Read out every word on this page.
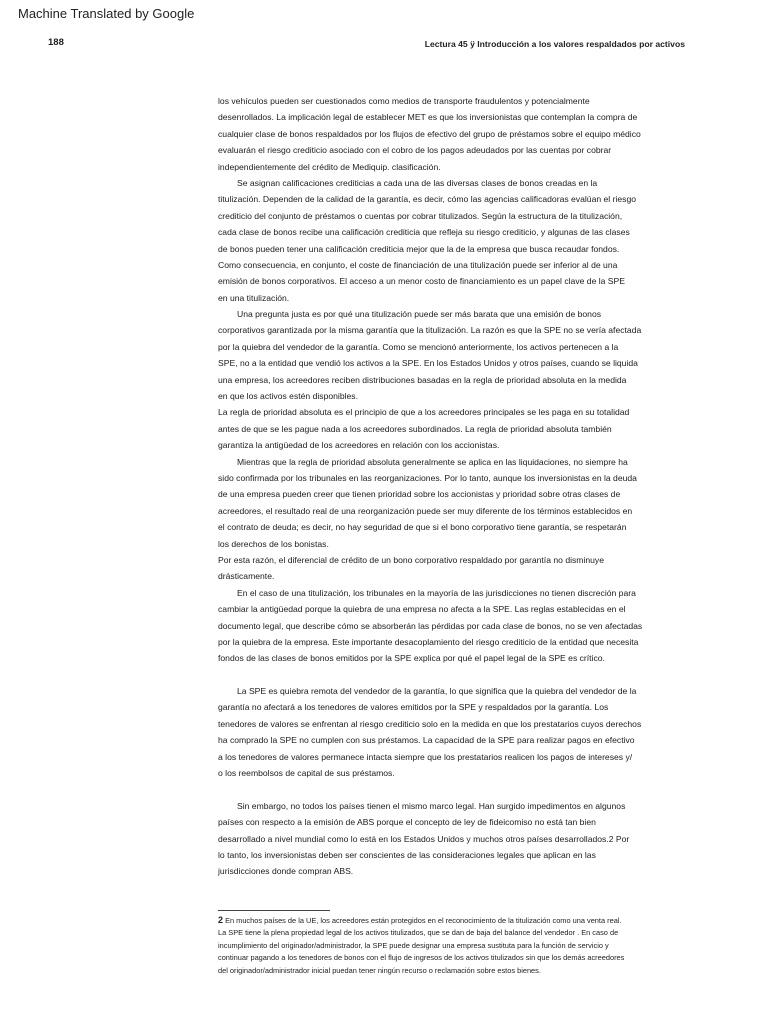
Machine Translated by Google
188	Lectura 45 ÿ Introducción a los valores respaldados por activos
los vehículos pueden ser cuestionados como medios de transporte fraudulentos y potencialmente
desenrollados. La implicación legal de establecer MET es que los inversionistas que contemplan la compra de
cualquier clase de bonos respaldados por los flujos de efectivo del grupo de préstamos sobre el equipo médico
evaluarán el riesgo crediticio asociado con el cobro de los pagos adeudados por las cuentas por cobrar
independientemente del crédito de Mediquip. clasificación.
Se asignan calificaciones crediticias a cada una de las diversas clases de bonos creadas en la
titulización. Dependen de la calidad de la garantía, es decir, cómo las agencias calificadoras evalúan el riesgo
crediticio del conjunto de préstamos o cuentas por cobrar titulizados. Según la estructura de la titulización,
cada clase de bonos recibe una calificación crediticia que refleja su riesgo crediticio, y algunas de las clases
de bonos pueden tener una calificación crediticia mejor que la de la empresa que busca recaudar fondos.
Como consecuencia, en conjunto, el coste de financiación de una titulización puede ser inferior al de una
emisión de bonos corporativos. El acceso a un menor costo de financiamiento es un papel clave de la SPE
en una titulización.
Una pregunta justa es por qué una titulización puede ser más barata que una emisión de bonos
corporativos garantizada por la misma garantía que la titulización. La razón es que la SPE no se vería afectada
por la quiebra del vendedor de la garantía. Como se mencionó anteriormente, los activos pertenecen a la
SPE, no a la entidad que vendió los activos a la SPE. En los Estados Unidos y otros países, cuando se liquida
una empresa, los acreedores reciben distribuciones basadas en la regla de prioridad absoluta en la medida
en que los activos estén disponibles.
La regla de prioridad absoluta es el principio de que a los acreedores principales se les paga en su totalidad
antes de que se les pague nada a los acreedores subordinados. La regla de prioridad absoluta también
garantiza la antigüedad de los acreedores en relación con los accionistas.
Mientras que la regla de prioridad absoluta generalmente se aplica en las liquidaciones, no siempre ha
sido confirmada por los tribunales en las reorganizaciones. Por lo tanto, aunque los inversionistas en la deuda
de una empresa pueden creer que tienen prioridad sobre los accionistas y prioridad sobre otras clases de
acreedores, el resultado real de una reorganización puede ser muy diferente de los términos establecidos en
el contrato de deuda; es decir, no hay seguridad de que si el bono corporativo tiene garantía, se respetarán
los derechos de los bonistas.
Por esta razón, el diferencial de crédito de un bono corporativo respaldado por garantía no disminuye
drásticamente.
En el caso de una titulización, los tribunales en la mayoría de las jurisdicciones no tienen discreción para
cambiar la antigüedad porque la quiebra de una empresa no afecta a la SPE. Las reglas establecidas en el
documento legal, que describe cómo se absorberán las pérdidas por cada clase de bonos, no se ven afectadas
por la quiebra de la empresa. Este importante desacoplamiento del riesgo crediticio de la entidad que necesita
fondos de las clases de bonos emitidos por la SPE explica por qué el papel legal de la SPE es crítico.
La SPE es quiebra remota del vendedor de la garantía, lo que significa que la quiebra del vendedor de la
garantía no afectará a los tenedores de valores emitidos por la SPE y respaldados por la garantía. Los
tenedores de valores se enfrentan al riesgo crediticio solo en la medida en que los prestatarios cuyos derechos
ha comprado la SPE no cumplen con sus préstamos. La capacidad de la SPE para realizar pagos en efectivo
a los tenedores de valores permanece intacta siempre que los prestatarios realicen los pagos de intereses y/
o los reembolsos de capital de sus préstamos.
Sin embargo, no todos los países tienen el mismo marco legal. Han surgido impedimentos en algunos
países con respecto a la emisión de ABS porque el concepto de ley de fideicomiso no está tan bien
desarrollado a nivel mundial como lo está en los Estados Unidos y muchos otros países desarrollados.2 Por
lo tanto, los inversionistas deben ser conscientes de las consideraciones legales que aplican en las
jurisdicciones donde compran ABS.
2 En muchos países de la UE, los acreedores están protegidos en el reconocimiento de la titulización como una venta real.
La SPE tiene la plena propiedad legal de los activos titulizados, que se dan de baja del balance del vendedor . En caso de
incumplimiento del originador/administrador, la SPE puede designar una empresa sustituta para la función de servicio y
continuar pagando a los tenedores de bonos con el flujo de ingresos de los activos titulizados sin que los demás acreedores
del originador/administrador inicial puedan tener ningún recurso o reclamación sobre estos bienes.
